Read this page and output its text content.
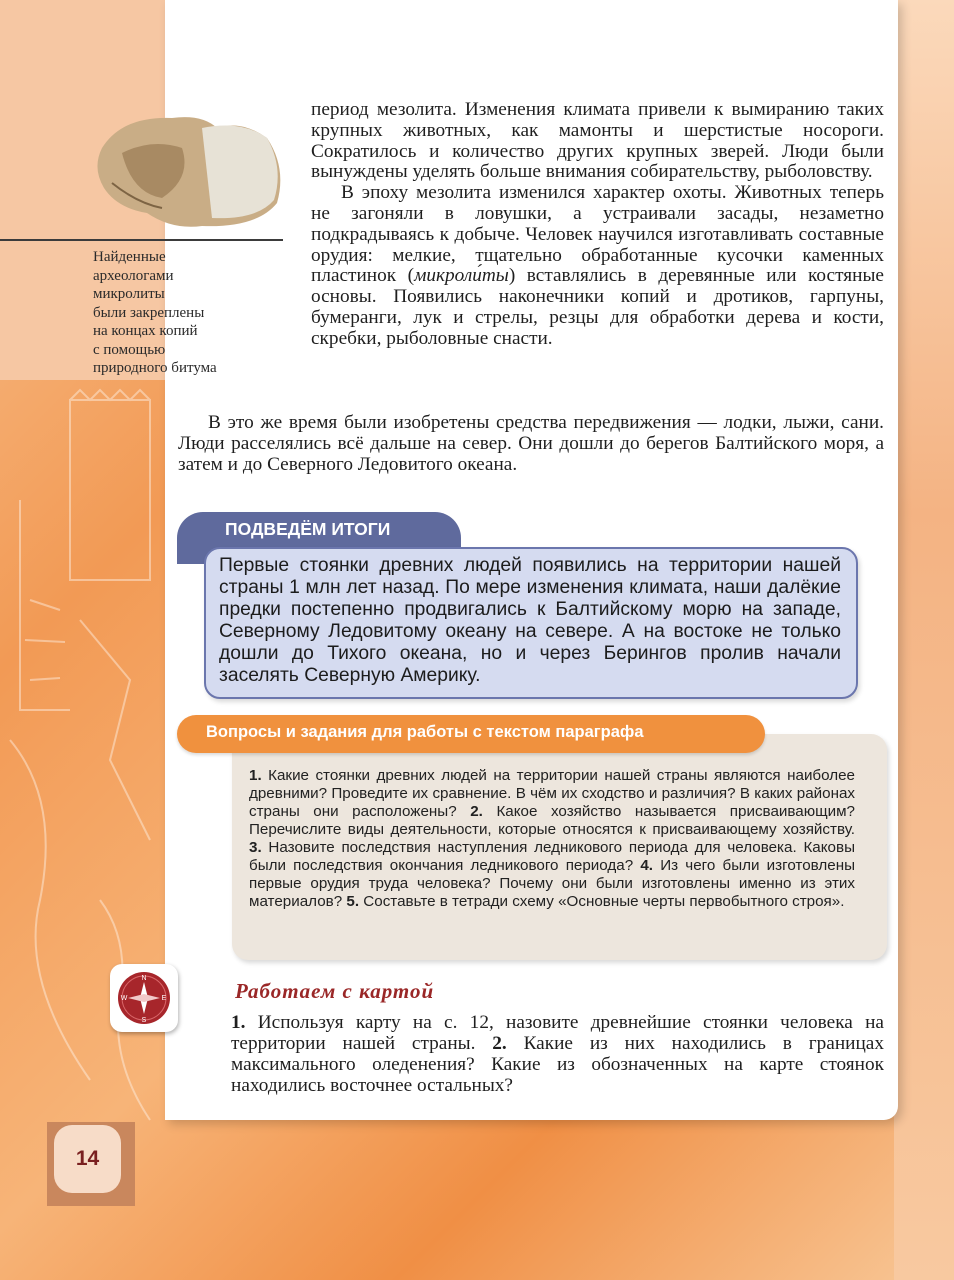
Найденные
археологами
микролиты
были закреплены
на концах копий
с помощью
природного битума

период мезолита. Изменения климата привели к вымиранию таких крупных животных, как мамонты и шерстистые носороги. Сократилось и количество других крупных зверей. Люди были вынуждены уделять больше внимания собирательству, рыболовству.

В эпоху мезолита изменился характер охоты. Животных теперь не загоняли в ловушки, а устраивали засады, незаметно подкрадываясь к добыче. Человек научился изготавливать составные орудия: мелкие, тщательно обработанные кусочки каменных пластинок (микроли́ты) вставлялись в деревянные или костяные основы. Появились наконечники копий и дротиков, гарпуны, бумеранги, лук и стрелы, резцы для обработки дерева и кости, скребки, рыболовные снасти.

В это же время были изобретены средства передвижения — лодки, лыжи, сани. Люди расселялись всё дальше на север. Они дошли до берегов Балтийского моря, а затем и до Северного Ледовитого океана.

ПОДВЕДЁМ ИТОГИ
Первые стоянки древних людей появились на территории нашей страны 1 млн лет назад. По мере изменения климата, наши далёкие предки постепенно продвигались к Балтийскому морю на западе, Северному Ледовитому океану на севере. А на востоке не только дошли до Тихого океана, но и через Берингов пролив начали заселять Северную Америку.
Вопросы и задания для работы с текстом параграфа
1. Какие стоянки древних людей на территории нашей страны являются наиболее древними? Проведите их сравнение. В чём их сходство и различия? В каких районах страны они расположены? 2. Какое хозяйство называется присваивающим? Перечислите виды деятельности, которые относятся к присваивающему хозяйству. 3. Назовите последствия наступления ледникового периода для человека. Каковы были последствия окончания ледникового периода? 4. Из чего были изготовлены первые орудия труда человека? Почему они были изготовлены именно из этих материалов? 5. Составьте в тетради схему «Основные черты первобытного строя».
N
E
S
W	Работаем с картой

1. Используя карту на с. 12, назовите древнейшие стоянки человека на территории нашей страны. 2. Какие из них находились в границах максимального оледенения? Какие из обозначенных на карте стоянок находились восточнее остальных?

14
